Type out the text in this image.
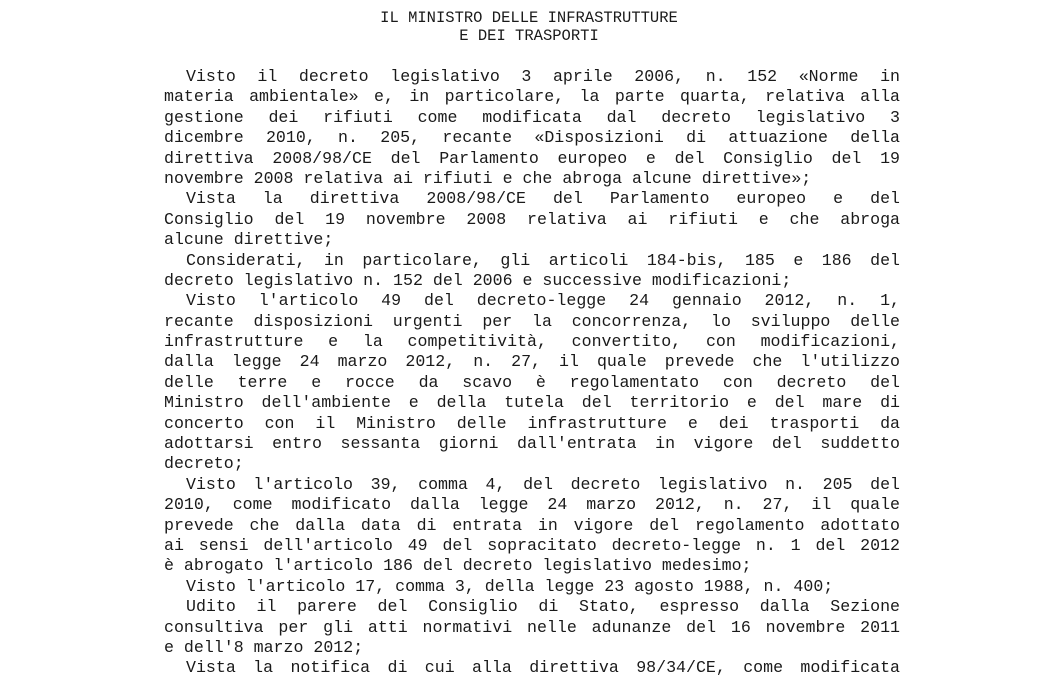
IL MINISTRO DELLE INFRASTRUTTURE
E DEI TRASPORTI
Visto il decreto legislativo 3 aprile 2006, n. 152 «Norme in
materia ambientale» e, in particolare, la parte quarta, relativa alla
gestione dei rifiuti come modificata dal decreto legislativo 3
dicembre 2010, n. 205, recante «Disposizioni di attuazione della
direttiva 2008/98/CE del Parlamento europeo e del Consiglio del 19
novembre 2008 relativa ai rifiuti e che abroga alcune direttive»;
Vista la direttiva 2008/98/CE del Parlamento europeo e del
Consiglio del 19 novembre 2008 relativa ai rifiuti e che abroga
alcune direttive;
Considerati, in particolare, gli articoli 184-bis, 185 e 186 del
decreto legislativo n. 152 del 2006 e successive modificazioni;
Visto l'articolo 49 del decreto-legge 24 gennaio 2012, n. 1,
recante disposizioni urgenti per la concorrenza, lo sviluppo delle
infrastrutture e la competitività, convertito, con modificazioni,
dalla legge 24 marzo 2012, n. 27, il quale prevede che l'utilizzo
delle terre e rocce da scavo è regolamentato con decreto del
Ministro dell'ambiente e della tutela del territorio e del mare di
concerto con il Ministro delle infrastrutture e dei trasporti da
adottarsi entro sessanta giorni dall'entrata in vigore del suddetto
decreto;
Visto l'articolo 39, comma 4, del decreto legislativo n. 205 del
2010, come modificato dalla legge 24 marzo 2012, n. 27, il quale
prevede che dalla data di entrata in vigore del regolamento adottato
ai sensi dell'articolo 49 del sopracitato decreto-legge n. 1 del 2012
è abrogato l'articolo 186 del decreto legislativo medesimo;
Visto l'articolo 17, comma 3, della legge 23 agosto 1988, n. 400;
Udito il parere del Consiglio di Stato, espresso dalla Sezione
consultiva per gli atti normativi nelle adunanze del 16 novembre 2011
e dell'8 marzo 2012;
Vista la notifica di cui alla direttiva 98/34/CE, come modificata
